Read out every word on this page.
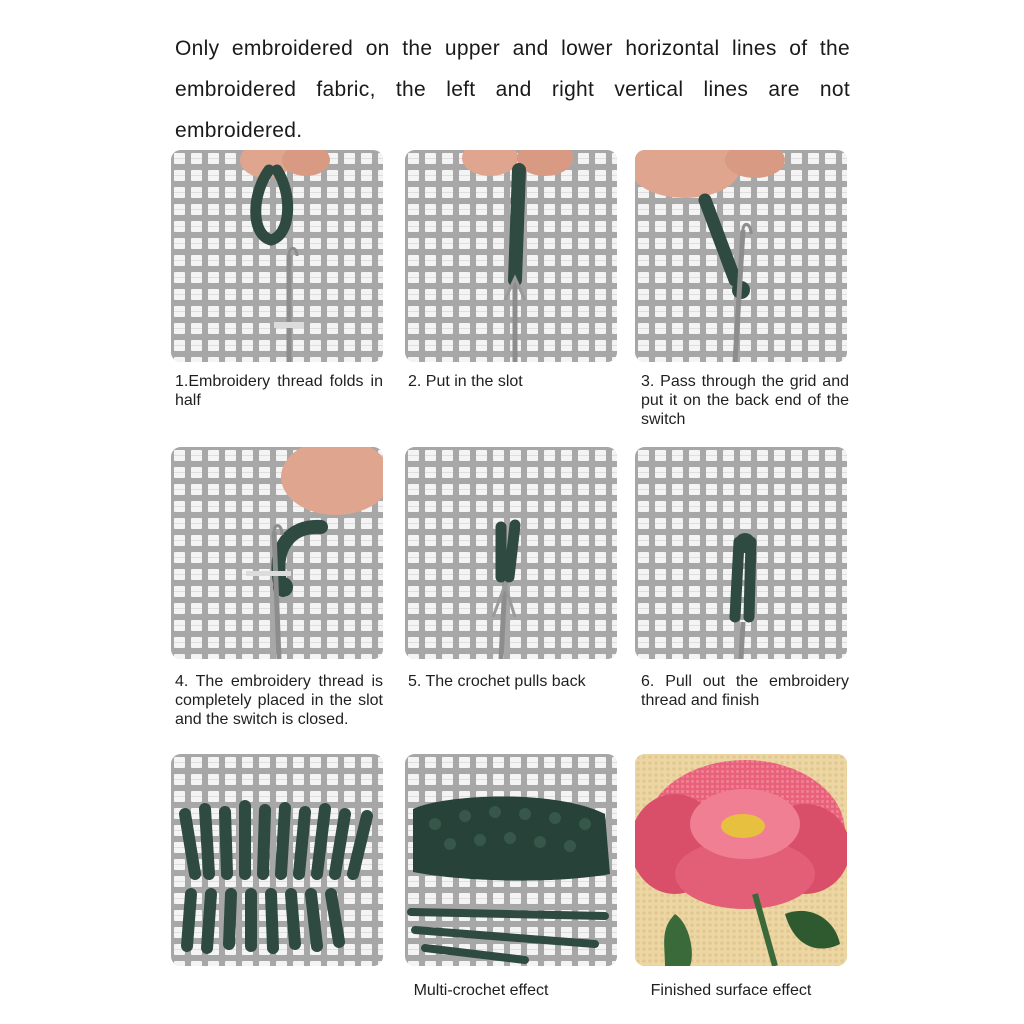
Only embroidered on the upper and lower horizontal lines of the
embroidered fabric, the left and right vertical lines are not
embroidered.
1.Embroidery thread folds in half
2. Put in the slot	3. Pass through the grid and put it on the back end of the switch
4. The embroidery thread is completely placed in the slot and the switch is closed.
5. The crochet pulls back	6. Pull out the embroidery thread and finish
Multi-crochet effect	Finished surface effect
